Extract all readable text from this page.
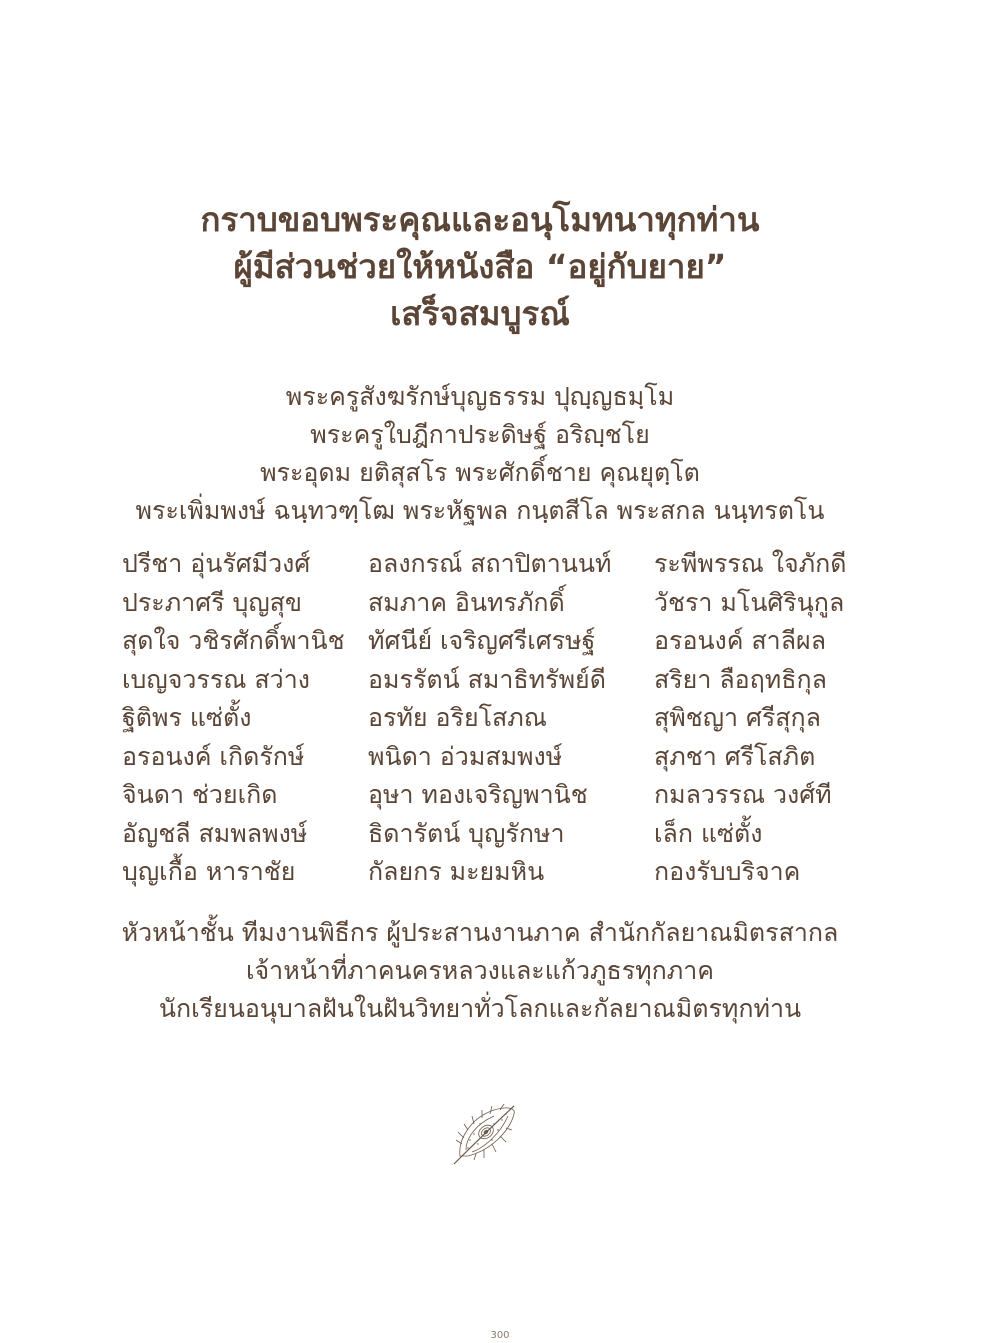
กราบขอบพระคุณและอนุโมทนาทุกท่าน
ผู้มีส่วนช่วยให้หนังสือ “อยู่กับยาย”
เสร็จสมบูรณ์
พระครูสังฆรักษ์บุญธรรม ปุญฺญธมฺโม
พระครูใบฎีกาประดิษฐ์ อริญฺชโย
พระอุดม ยติสุสโร พระศักดิ์ชาย คุณยุตฺโต
พระเพิ่มพงษ์ ฉนฺทวฑฺโฒ พระหัฐพล กนฺตสีโล พระสกล นนฺทรตโน
ปรีชา อุ่นรัศมีวงศ์
ประภาศรี บุญสุข
สุดใจ วชิรศักดิ์พานิช
เบญจวรรณ สว่าง
ฐิติพร แซ่ตั้ง
อรอนงค์ เกิดรักษ์
จินดา ช่วยเกิด
อัญชลี สมพลพงษ์
บุญเกื้อ หาราชัย
อลงกรณ์ สถาปิตานนท์
สมภาค อินทรภักดิ์
ทัศนีย์ เจริญศรีเศรษฐ์
อมรรัตน์ สมาธิทรัพย์ดี
อรทัย อริยโสภณ
พนิดา อ่วมสมพงษ์
อุษา ทองเจริญพานิช
ธิดารัตน์ บุญรักษา
กัลยกร มะยมหิน
ระพีพรรณ ใจภักดี
วัชรา มโนศิรินุกูล
อรอนงค์ สาลีผล
สริยา ลือฤทธิกุล
สุพิชญา ศรีสุกุล
สุภชา ศรีโสภิต
กมลวรรณ วงศ์ที
เล็ก แซ่ตั้ง
กองรับบริจาค
หัวหน้าชั้น ทีมงานพิธีกร ผู้ประสานงานภาค สำนักกัลยาณมิตรสากล
เจ้าหน้าที่ภาคนครหลวงและแก้วภูธรทุกภาค
นักเรียนอนุบาลฝันในฝันวิทยาทั่วโลกและกัลยาณมิตรทุกท่าน
300
